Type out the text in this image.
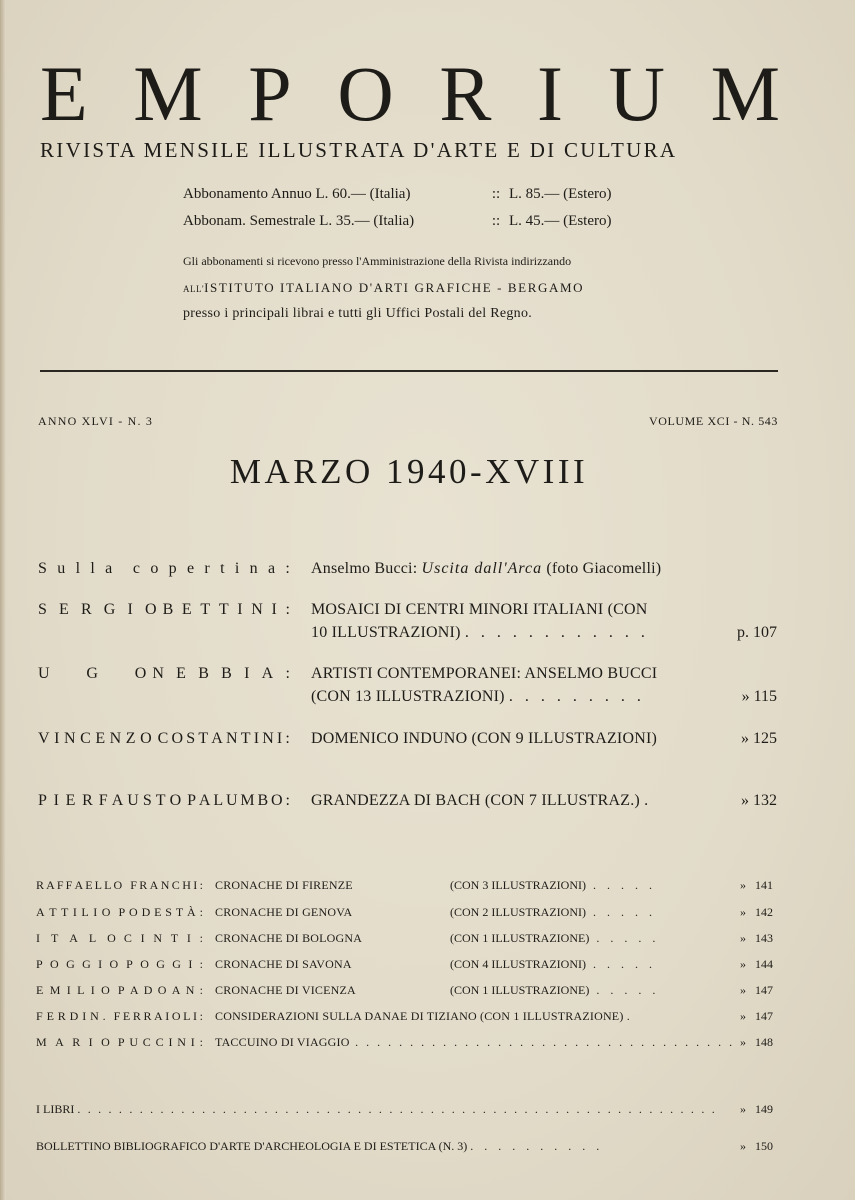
E M P O R I U M
RIVISTA MENSILE ILLUSTRATA D'ARTE E DI CULTURA
Abbonamento Annuo L. 60.— (Italia)	:: L. 85.— (Estero)
Abbonam. Semestrale L. 35.— (Italia)	:: L. 45.— (Estero)
Gli abbonamenti si ricevono presso l'Amministrazione della Rivista indirizzando
ALL'ISTITUTO ITALIANO D'ARTI GRAFICHE - BERGAMO
presso i principali librai e tutti gli Uffici Postali del Regno.
ANNO XLVI - N. 3	VOLUME XCI - N. 543
MARZO 1940-XVIII
S u l l a c o p e r t i n a : Anselmo Bucci: Uscita dall'Arca (foto Giacomelli)
S E R G I O B E T T I N I : MOSAICI DI CENTRI MINORI ITALIANI (CON
10 ILLUSTRAZIONI) . . . . . . . . . . . .	p. 107
U G O N E B B I A : ARTISTI CONTEMPORANEI: ANSELMO BUCCI
(CON 13 ILLUSTRAZIONI) . . . . . . . . .	» 115
V I N C E N Z O C O S T A N T I N I : DOMENICO INDUNO (CON 9 ILLUSTRAZIONI)	» 125
P I E R F A U S T O P A L U M B O : GRANDEZZA DI BACH (CON 7 ILLUSTRAZ.) .	» 132
R A F F A E L L O F R A N C H I : CRONACHE DI FIRENZE	(CON 3 ILLUSTRAZIONI) . . . . .	» 141
A T T I L I O P O D E S T À : CRONACHE DI GENOVA	(CON 2 ILLUSTRAZIONI) . . . . .	» 142
I T A L O C I N T I : CRONACHE DI BOLOGNA	(CON 1 ILLUSTRAZIONE) . . . . .	» 143
P O G G I O P O G G I : CRONACHE DI SAVONA	(CON 4 ILLUSTRAZIONI) . . . . .	» 144
E M I L I O P A D O A N : CRONACHE DI VICENZA	(CON 1 ILLUSTRAZIONE) . . . . .	» 147
F E R D I N . F E R R A I O L I : CONSIDERAZIONI SULLA DANAE DI TIZIANO (CON 1 ILLUSTRAZIONE) .	» 147
M A R I O P U C C I N I : TACCUINO DI VIAGGIO . . . . . . . . . . . . . . . . . . . . . . . . . . . . . . . . . . . » 148
I LIBRI . . . . . . . . . . . . . . . . . . . . . . . . . . . . . . . . . . . . . . . . . . . . . . . . . . . . . . . . . . . . . . » 149
BOLLETTINO BIBLIOGRAFICO D'ARTE D'ARCHEOLOGIA E DI ESTETICA (N. 3) . . . . . . . . . .	» 150
